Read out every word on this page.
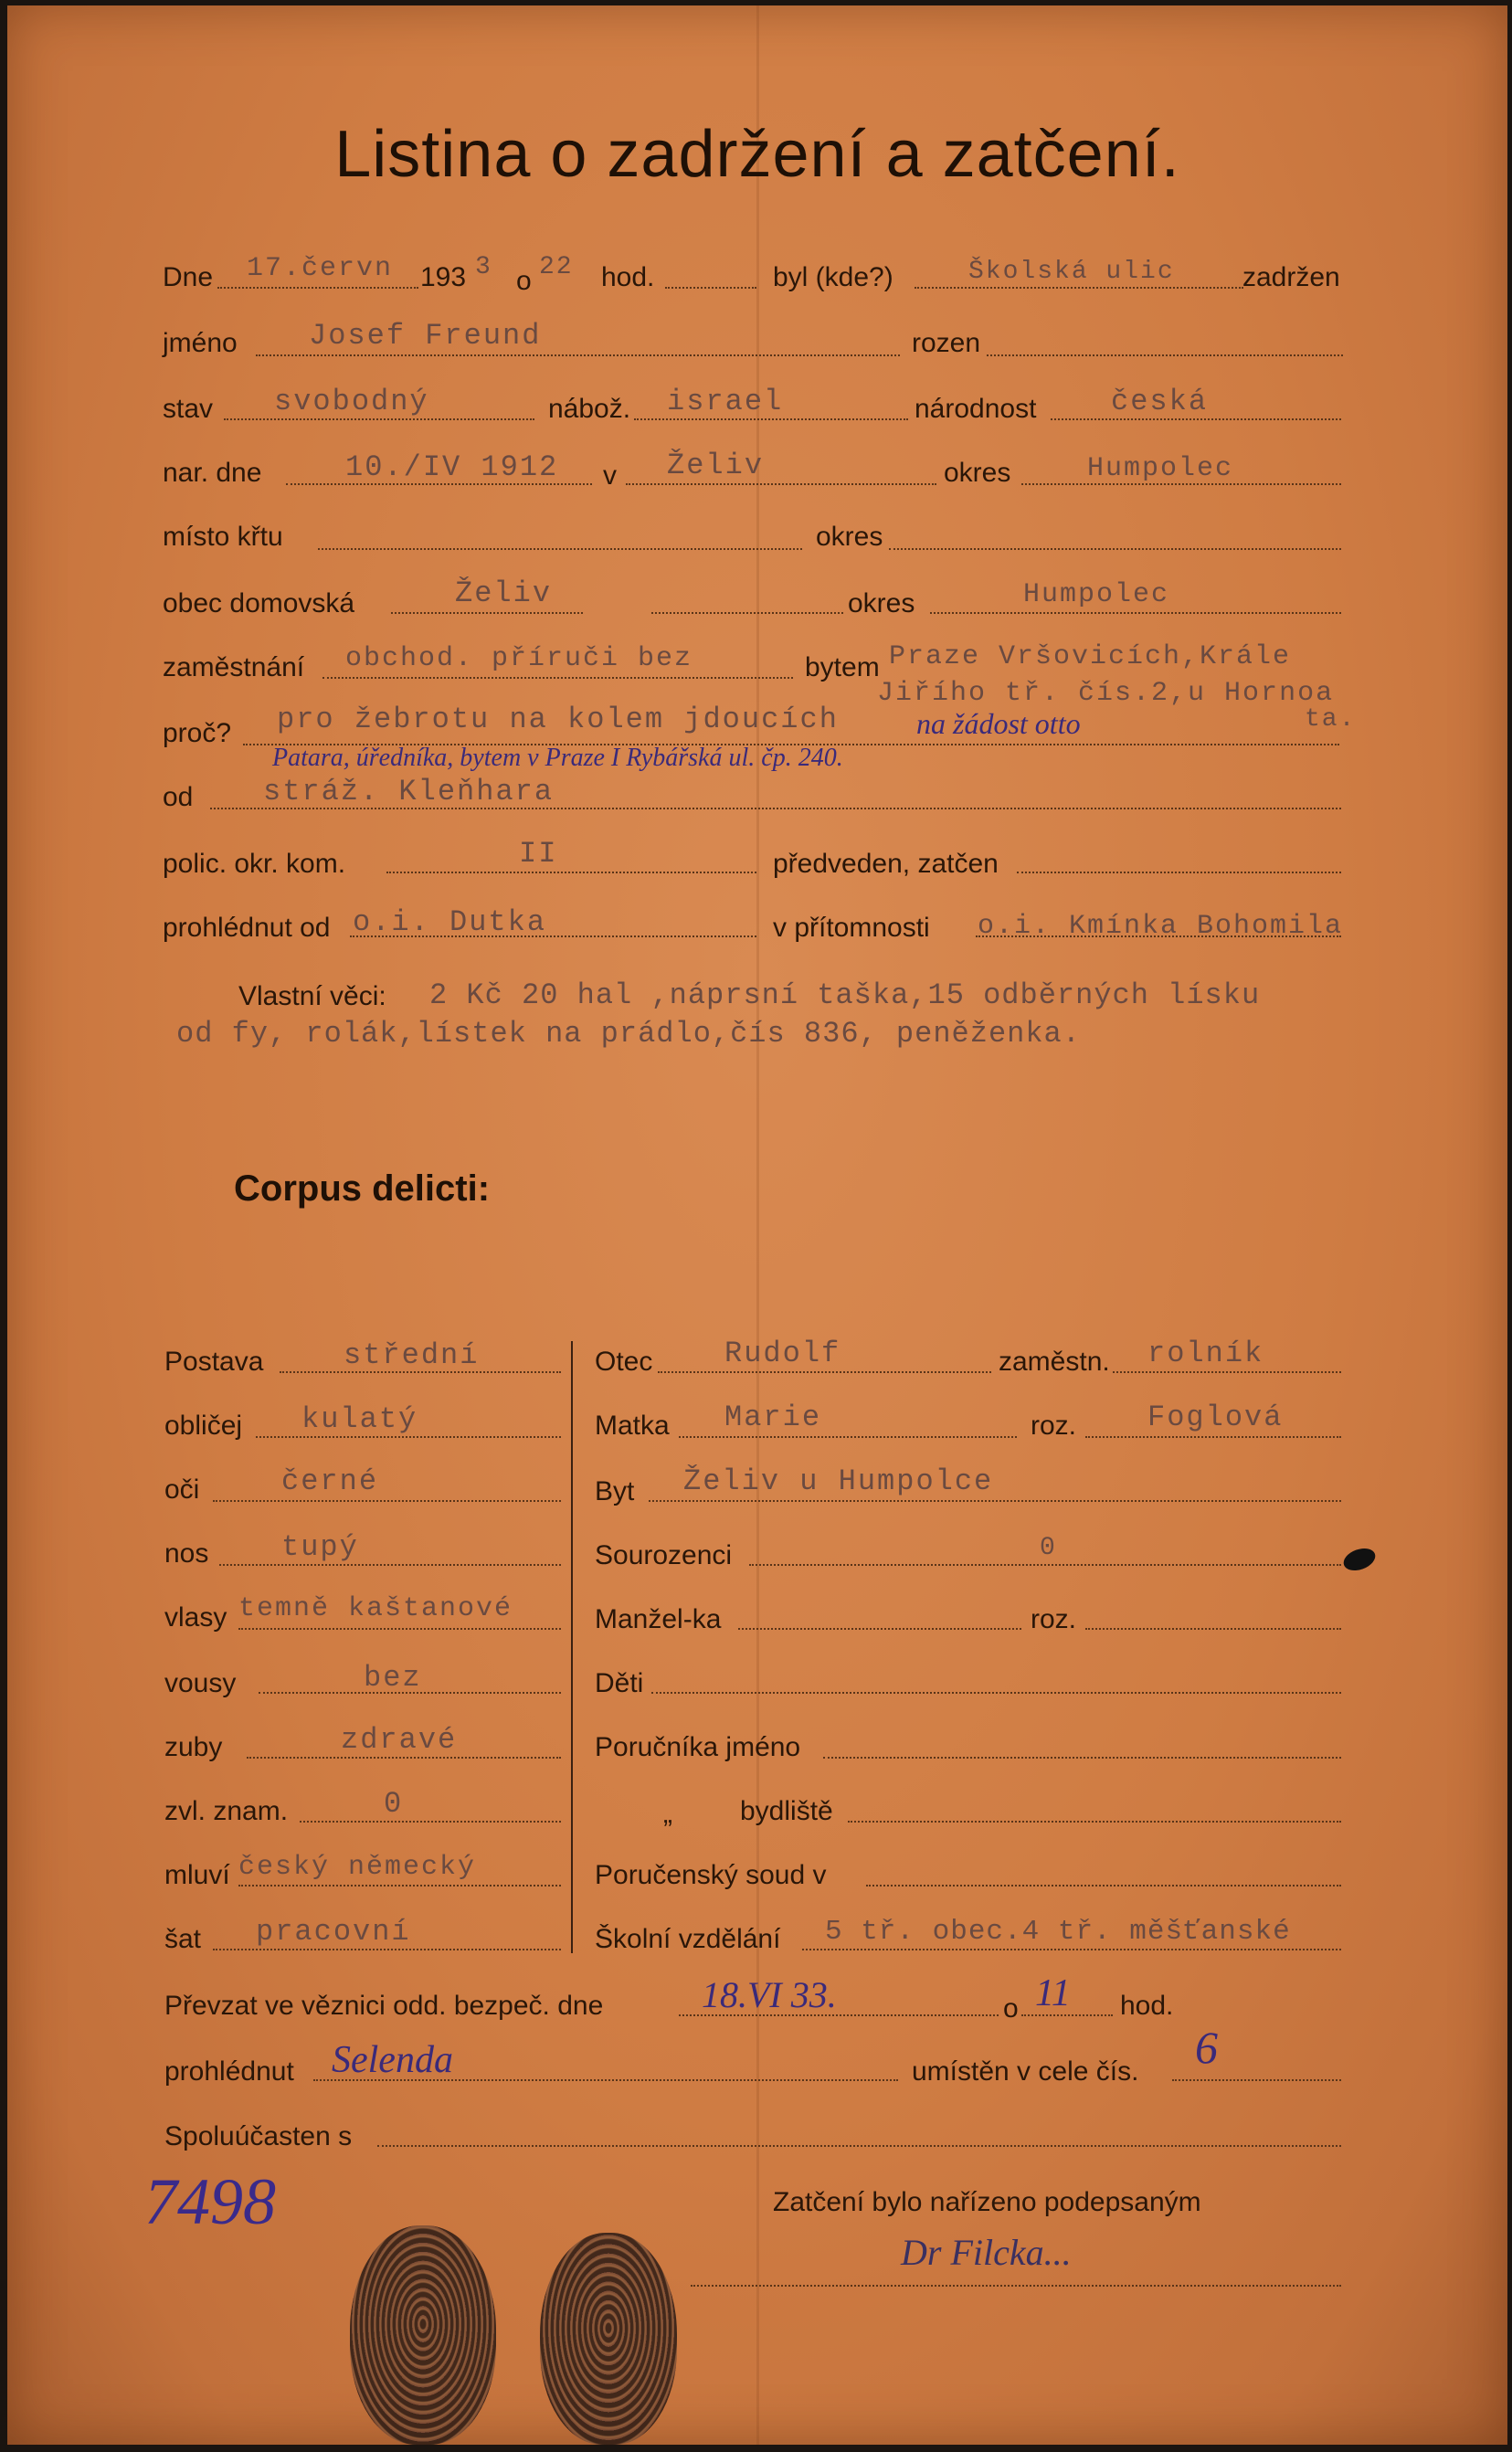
Listina o zadržení a zatčení.
Dne 17.červn 193 3 o 22 hod.	byl (kde?)	Školská ulic zadržen
jméno Josef Freund	rozen
stav svobodný	nábož. israel	národnost	česká
nar. dne	10./IV 1912 v Želiv	okres	Humpolec
místo křtu	okres
obec domovská	Želiv	okres	Humpolec
zaměstnání obchod. příruči bez	bytem Praze Vršovicích,Krále
Jiřího tř. čís.2,u Hornoa
ta.
proč? pro žebrotu na kolem jdoucích	na žádost otto
Patara, úředníka, bytem v Praze I Rybářská ul. čp. 240.
od stráž. Kleňhara
polic. okr. kom.	II	předveden, zatčen
prohlédnut od o.i. Dutka	v přítomnosti o.i. Kmínka Bohomila
Vlastní věci: 2 Kč 20 hal ,náprsní taška,15 odběrných lísku
od fy, rolák,lístek na prádlo,čís 836, peněženka.
Corpus delicti:
Postava	střední
obličej kulatý
oči	černé
nos tupý
vlasy temně kaštanové
vousy	bez
zuby	zdravé
zvl. znam.	0
mluví český německý
šat pracovní
Otec Rudolf	zaměstn. rolník
Matka Marie	roz. Foglová
Byt Želiv u Humpolce
Sourozenci	0
Manžel-ka	roz.
Děti
Poručníka jméno
„ bydliště
Poručenský soud v
Školní vzdělání 5 tř. obec.4 tř. měšťanské
Převzat ve věznici odd. bezpeč. dne	18.VI 33.	o 11 hod.
prohlédnut Selenda	umístěn v cele čís. 6
Spoluúčasten s
7498	Zatčení bylo nařízeno podepsaným
Dr Filcka...
